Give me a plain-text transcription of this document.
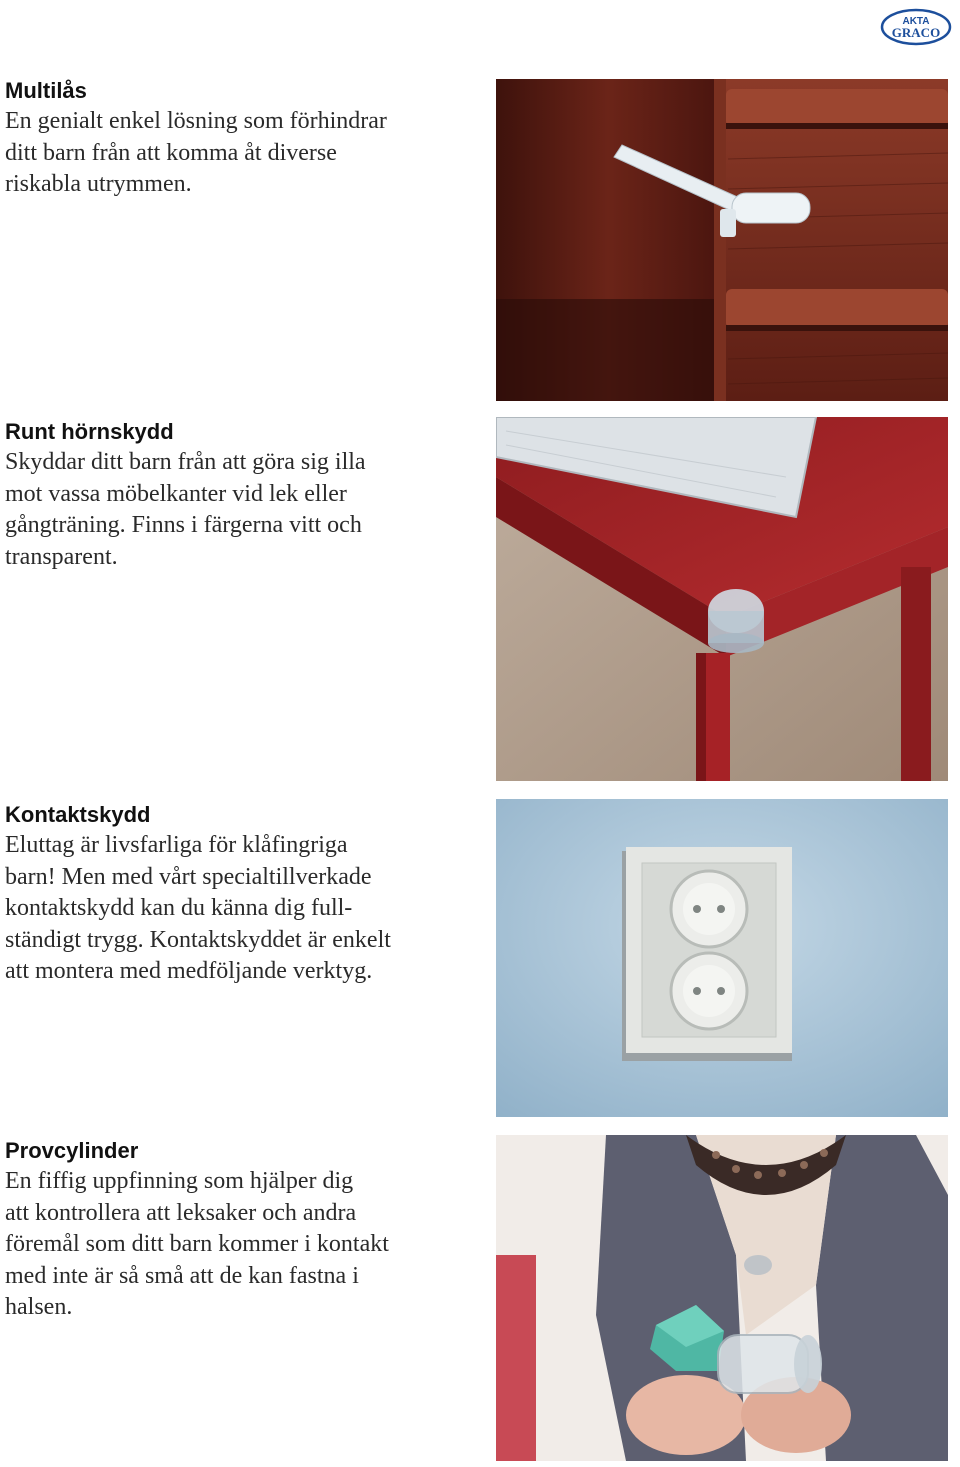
AKTA
GRACO

Multilås

En genialt enkel lösning som förhindrar

ditt barn från att komma åt diverse

riskabla utrymmen.

Runt hörnskydd

Skyddar ditt barn från att göra sig illa

mot vassa möbelkanter vid lek eller

gångträning. Finns i färgerna vitt och

transparent.

Kontaktskydd

Eluttag är livsfarliga för klåfingriga

barn! Men med vårt specialtillverkade

kontaktskydd kan du känna dig full-

ständigt trygg. Kontaktskyddet är enkelt

att montera med medföljande verktyg.

Provcylinder

En fiffig uppfinning som hjälper dig

att kontrollera att leksaker och andra

föremål som ditt barn kommer i kontakt

med inte är så små att de kan fastna i

halsen.
